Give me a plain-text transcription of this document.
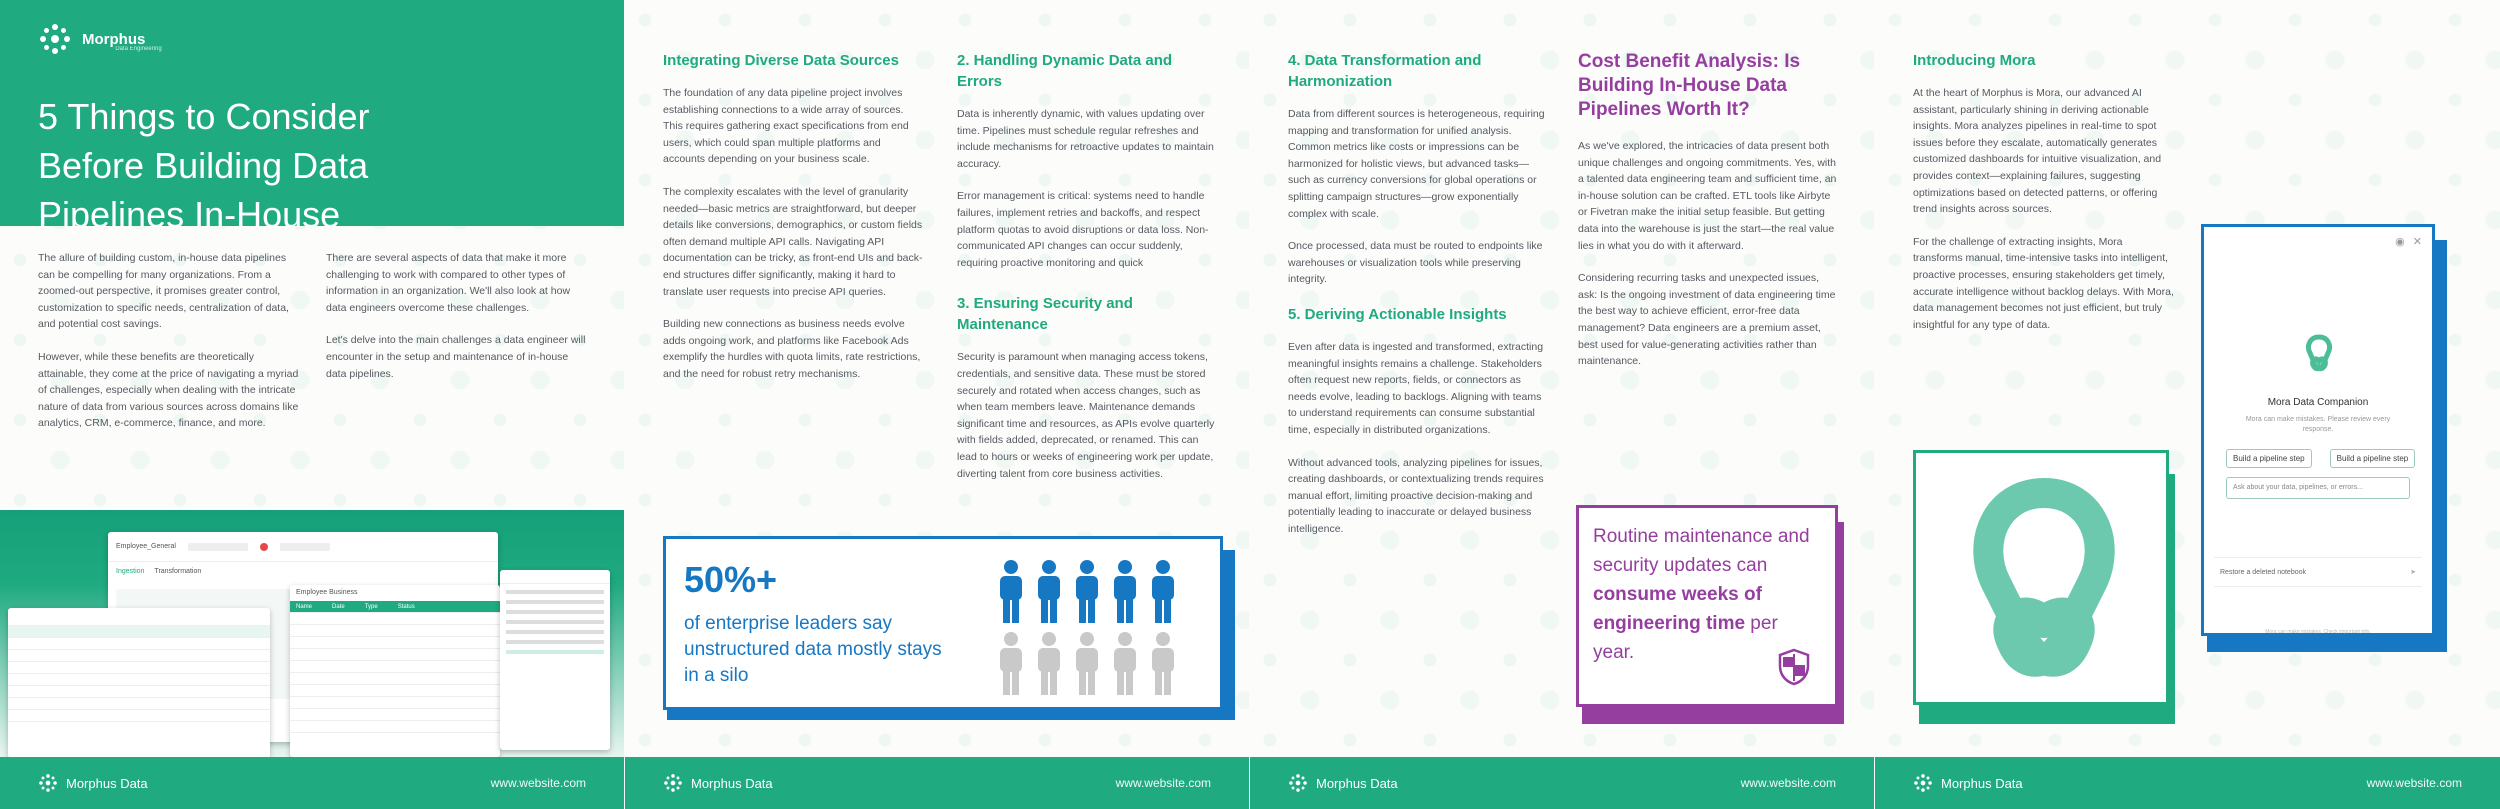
Morphus
Data Engineering
5 Things to Consider Before Building Data Pipelines In-House

The allure of building custom, in-house data pipelines can be compelling for many organizations. From a zoomed-out perspective, it promises greater control, customization to specific needs, centralization of data, and potential cost savings.

However, while these benefits are theoretically attainable, they come at the price of navigating a myriad of challenges, especially when dealing with the intricate nature of data from various sources across domains like analytics, CRM, e-commerce, finance, and more.

There are several aspects of data that make it more challenging to work with compared to other types of information in an organization. We'll also look at how data engineers overcome these challenges.

Let's delve into the main challenges a data engineer will encounter in the setup and maintenance of in-house data pipelines.

Employee_General
Ingestion Transformation
Employee Business
Name	Date	Type	Status
Morphus Data	www.website.com
Integrating Diverse Data Sources

The foundation of any data pipeline project involves establishing connections to a wide array of sources. This requires gathering exact specifications from end users, which could span multiple platforms and accounts depending on your business scale.

The complexity escalates with the level of granularity needed—basic metrics are straightforward, but deeper details like conversions, demographics, or custom fields often demand multiple API calls. Navigating API documentation can be tricky, as front-end UIs and back-end structures differ significantly, making it hard to translate user requests into precise API queries.

Building new connections as business needs evolve adds ongoing work, and platforms like Facebook Ads exemplify the hurdles with quota limits, rate restrictions, and the need for robust retry mechanisms.

2. Handling Dynamic Data and Errors

Data is inherently dynamic, with values updating over time. Pipelines must schedule regular refreshes and include mechanisms for retroactive updates to maintain accuracy.

Error management is critical: systems need to handle failures, implement retries and backoffs, and respect platform quotas to avoid disruptions or data loss. Non-communicated API changes can occur suddenly, requiring proactive monitoring and quick

3. Ensuring Security and Maintenance

Security is paramount when managing access tokens, credentials, and sensitive data. These must be stored securely and rotated when access changes, such as when team members leave. Maintenance demands significant time and resources, as APIs evolve quarterly with fields added, deprecated, or renamed. This can lead to hours or weeks of engineering work per update, diverting talent from core business activities.

50%+
of enterprise leaders say unstructured data mostly stays in a silo
Morphus Data	www.website.com
4. Data Transformation and Harmonization

Data from different sources is heterogeneous, requiring mapping and transformation for unified analysis. Common metrics like costs or impressions can be harmonized for holistic views, but advanced tasks—such as currency conversions for global operations or splitting campaign structures—grow exponentially complex with scale.

Once processed, data must be routed to endpoints like warehouses or visualization tools while preserving integrity.

5. Deriving Actionable Insights

Even after data is ingested and transformed, extracting meaningful insights remains a challenge. Stakeholders often request new reports, fields, or connectors as needs evolve, leading to backlogs. Aligning with teams to understand requirements can consume substantial time, especially in distributed organizations.

Without advanced tools, analyzing pipelines for issues, creating dashboards, or contextualizing trends requires manual effort, limiting proactive decision-making and potentially leading to inaccurate or delayed business intelligence.

Cost Benefit Analysis: Is Building In-House Data Pipelines Worth It?

As we've explored, the intricacies of data present both unique challenges and ongoing commitments. Yes, with a talented data engineering team and sufficient time, an in-house solution can be crafted. ETL tools like Airbyte or Fivetran make the initial setup feasible. But getting data into the warehouse is just the start—the real value lies in what you do with it afterward.

Considering recurring tasks and unexpected issues, ask: Is the ongoing investment of data engineering time the best way to achieve efficient, error-free data management? Data engineers are a premium asset, best used for value-generating activities rather than maintenance.

Routine maintenance and security updates can consume weeks of engineering time per year.

Morphus Data	www.website.com
Introducing Mora

At the heart of Morphus is Mora, our advanced AI assistant, particularly shining in deriving actionable insights. Mora analyzes pipelines in real-time to spot issues before they escalate, automatically generates customized dashboards for intuitive visualization, and provides context—explaining failures, suggesting optimizations based on detected patterns, or offering trend insights across sources.

For the challenge of extracting insights, Mora transforms manual, time-intensive tasks into intelligent, proactive processes, ensuring stakeholders get timely, accurate intelligence without backlog delays. With Mora, data management becomes not just efficient, but truly insightful for any type of data.

◉ ✕
Mora Data Companion
Mora can make mistakes. Please review every response.
Build a pipeline step	Build a pipeline step
Ask about your data, pipelines, or errors...
Restore a deleted notebook	➤
Mora can make mistakes. Check important info.
Morphus Data	www.website.com
